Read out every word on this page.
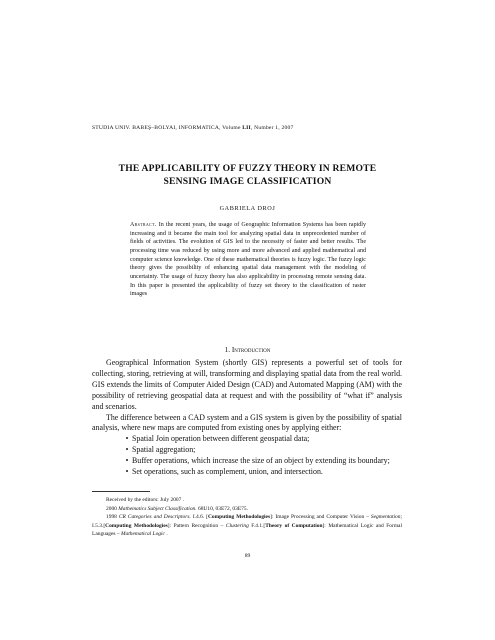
STUDIA UNIV. BABEŞ–BOLYAI, INFORMATICA, Volume LII, Number 1, 2007
THE APPLICABILITY OF FUZZY THEORY IN REMOTE
SENSING IMAGE CLASSIFICATION
GABRIELA DROJ
Abstract. In the recent years, the usage of Geographic Information Systems has been rapidly increasing and it became the main tool for analyzing spatial data in unprecedented number of fields of activities. The evolution of GIS led to the necessity of faster and better results. The processing time was reduced by using more and more advanced and applied mathematical and computer science knowledge. One of these mathematical theories is fuzzy logic. The fuzzy logic theory gives the possibility of enhancing spatial data management with the modeling of uncertainty. The usage of fuzzy theory has also applicability in processing remote sensing data. In this paper is presented the applicability of fuzzy set theory to the classification of raster images
1. Introduction

Geographical Information System (shortly GIS) represents a powerful set of tools for collecting, storing, retrieving at will, transforming and displaying spatial data from the real world. GIS extends the limits of Computer Aided Design (CAD) and Automated Mapping (AM) with the possibility of retrieving geospatial data at request and with the possibility of “what if” analysis and scenarios.

The difference between a CAD system and a GIS system is given by the possibility of spatial analysis, where new maps are computed from existing ones by applying either:

• Spatial Join operation between different geospatial data;

• Spatial aggregation;

• Buffer operations, which increase the size of an object by extending its boundary;

• Set operations, such as complement, union, and intersection.

Received by the editors: July 2007 .

2000 Mathematics Subject Classification. 68U10, 03E72, 03E75.

1998 CR Categories and Descriptors. I.4.6. [Computing Methodologies]: Image Processing and Computer Vision – Segmentation; I.5.3.[Computing Methodologies]: Pattern Recognition – Clustering F.4.1.[Theory of Computation]: Mathematical Logic and Formal Languages – Mathematical Logic .

89
